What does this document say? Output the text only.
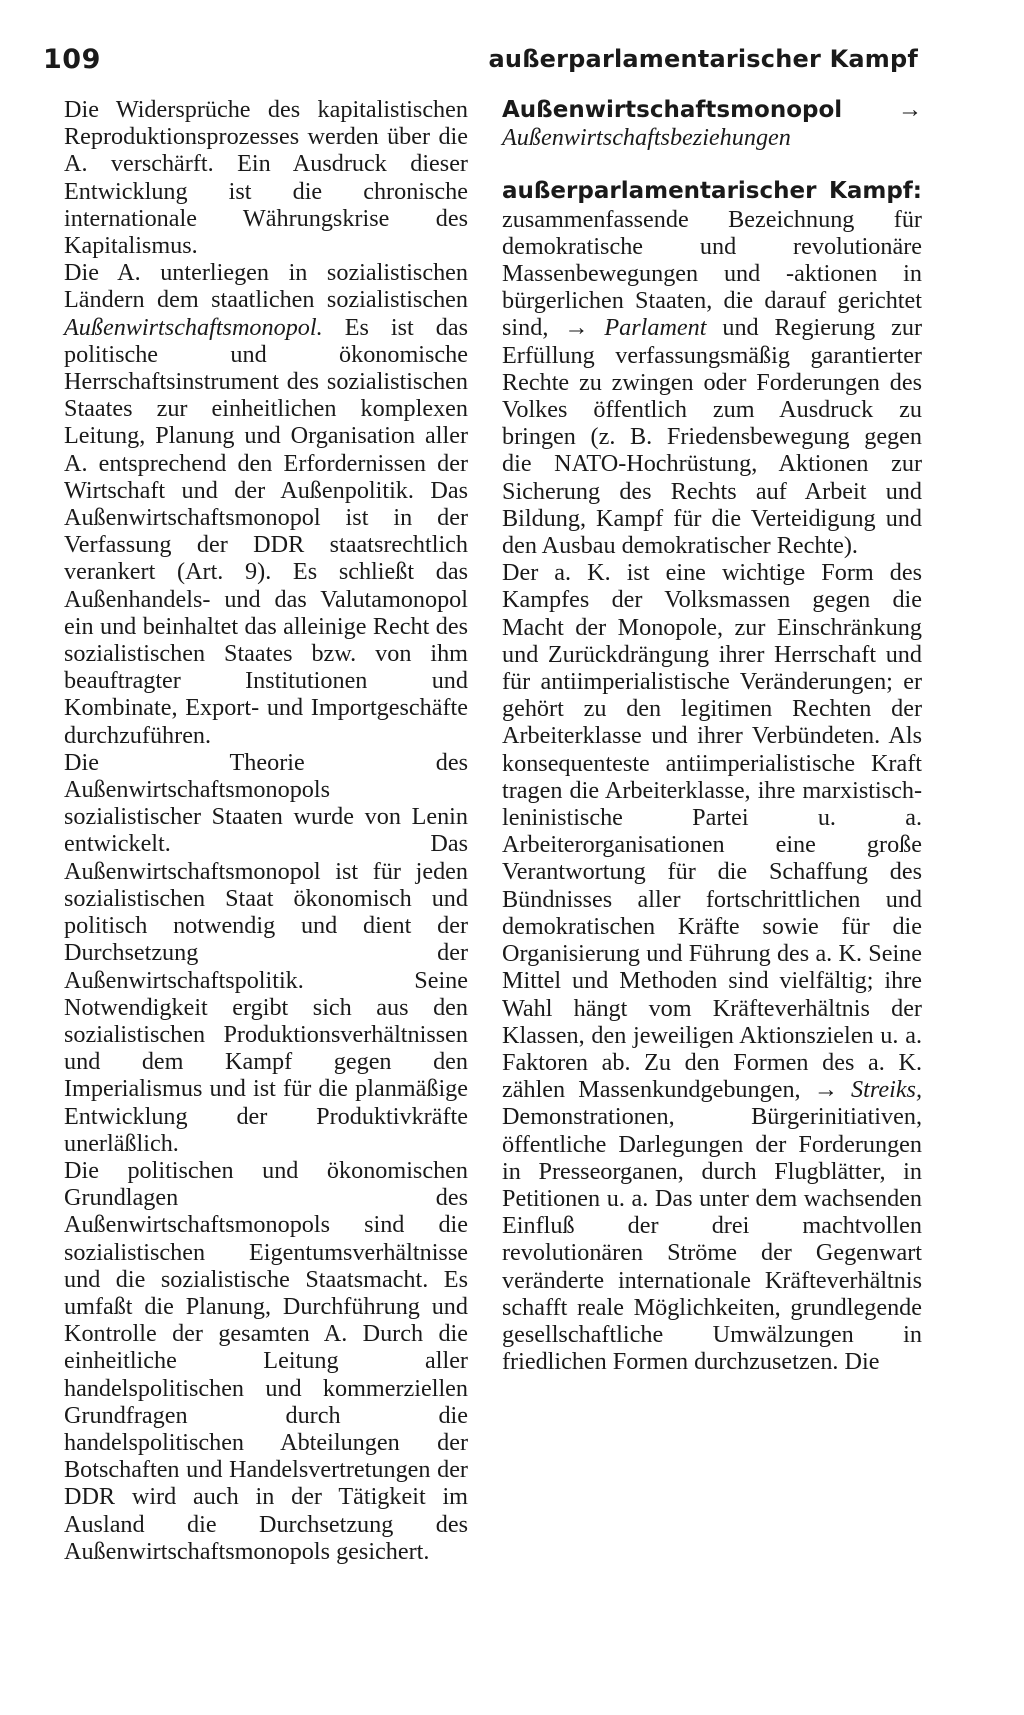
109	außerparlamentarischer Kampf

Die Widersprüche des kapitalistischen Reproduktionsprozesses werden über die A. verschärft. Ein Ausdruck dieser Entwicklung ist die chronische internationale Währungskrise des Kapitalismus.

Die A. unterliegen in sozialistischen Ländern dem staatlichen sozialistischen Außenwirtschaftsmonopol. Es ist das politische und ökonomische Herrschaftsinstrument des sozialistischen Staates zur einheitlichen komplexen Leitung, Planung und Organisation aller A. entsprechend den Erfordernissen der Wirtschaft und der Außenpolitik. Das Außenwirtschaftsmonopol ist in der Verfassung der DDR staatsrechtlich verankert (Art. 9). Es schließt das Außenhandels- und das Valutamonopol ein und beinhaltet das alleinige Recht des sozialistischen Staates bzw. von ihm beauftragter Institutionen und Kombinate, Export- und Importgeschäfte durchzuführen.

Die Theorie des Außenwirtschaftsmonopols sozialistischer Staaten wurde von Lenin entwickelt. Das Außenwirtschaftsmonopol ist für jeden sozialistischen Staat ökonomisch und politisch notwendig und dient der Durchsetzung der Außenwirtschaftspolitik. Seine Notwendigkeit ergibt sich aus den sozialistischen Produktionsverhältnissen und dem Kampf gegen den Imperialismus und ist für die planmäßige Entwicklung der Produktivkräfte unerläßlich.

Die politischen und ökonomischen Grundlagen des Außenwirtschaftsmonopols sind die sozialistischen Eigentumsverhältnisse und die sozialistische Staatsmacht. Es umfaßt die Planung, Durchführung und Kontrolle der gesamten A. Durch die einheitliche Leitung aller handelspolitischen und kommerziellen Grundfragen durch die handelspolitischen Abteilungen der Botschaften und Handelsvertretungen der DDR wird auch in der Tätigkeit im Ausland die Durchsetzung des Außenwirtschaftsmonopols gesichert.

Außenwirtschaftsmonopol → Außenwirtschaftsbeziehungen

außerparlamentarischer Kampf: zusammenfassende Bezeichnung für demokratische und revolutionäre Massenbewegungen und -aktionen in bürgerlichen Staaten, die darauf gerichtet sind, → Parlament und Regierung zur Erfüllung verfassungsmäßig garantierter Rechte zu zwingen oder Forderungen des Volkes öffentlich zum Ausdruck zu bringen (z. B. Friedensbewegung gegen die NATO-Hochrüstung, Aktionen zur Sicherung des Rechts auf Arbeit und Bildung, Kampf für die Verteidigung und den Ausbau demokratischer Rechte).

Der a. K. ist eine wichtige Form des Kampfes der Volksmassen gegen die Macht der Monopole, zur Einschränkung und Zurückdrängung ihrer Herrschaft und für antiimperialistische Veränderungen; er gehört zu den legitimen Rechten der Arbeiterklasse und ihrer Verbündeten. Als konsequenteste antiimperialistische Kraft tragen die Arbeiterklasse, ihre marxistisch-leninistische Partei u. a. Arbeiterorganisationen eine große Verantwortung für die Schaffung des Bündnisses aller fortschrittlichen und demokratischen Kräfte sowie für die Organisierung und Führung des a. K. Seine Mittel und Methoden sind vielfältig; ihre Wahl hängt vom Kräfteverhältnis der Klassen, den jeweiligen Aktionszielen u. a. Faktoren ab. Zu den Formen des a. K. zählen Massenkundgebungen, → Streiks, Demonstrationen, Bürgerinitiativen, öffentliche Darlegungen der Forderungen in Presseorganen, durch Flugblätter, in Petitionen u. a. Das unter dem wachsenden Einfluß der drei machtvollen revolutionären Ströme der Gegenwart veränderte internationale Kräfteverhältnis schafft reale Möglichkeiten, grundlegende gesellschaftliche Umwälzungen in friedlichen Formen durchzusetzen. Die
